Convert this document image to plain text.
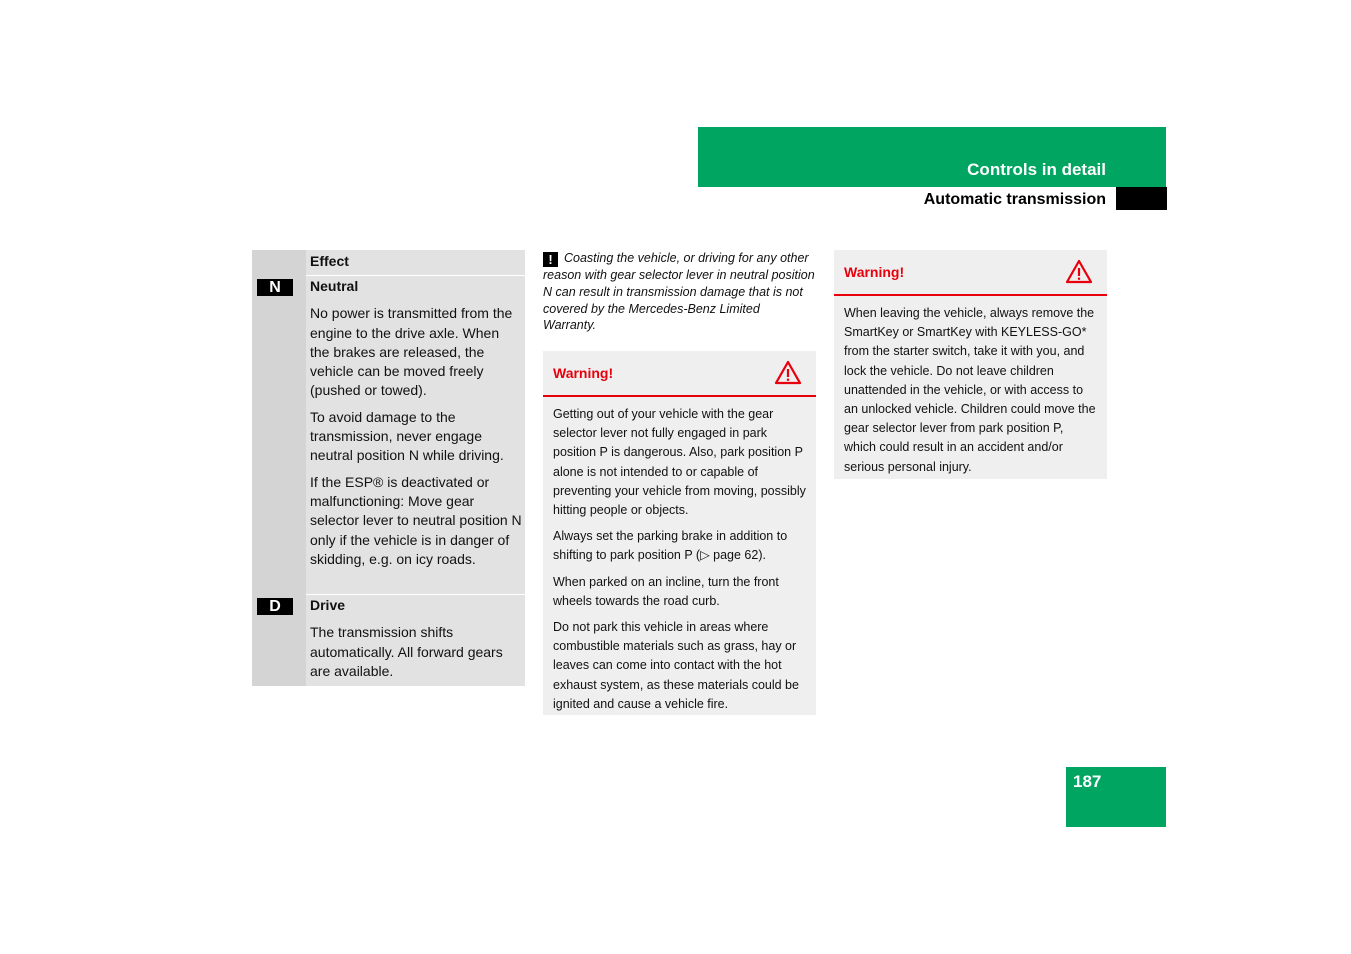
Controls in detail
Automatic transmission
Effect
N	Neutral

No power is transmitted from the engine to the drive axle. When the brakes are released, the vehicle can be moved freely (pushed or towed).

To avoid damage to the transmission, never engage neutral position N while driving.

If the ESP® is deactivated or malfunctioning: Move gear selector lever to neutral position N only if the vehicle is in danger of skidding, e.g. on icy roads.

D	Drive

The transmission shifts automatically. All forward gears are available.

! Coasting the vehicle, or driving for any other reason with gear selector lever in neutral position N can result in transmission damage that is not covered by the Mercedes-Benz Limited Warranty.
Warning!

Getting out of your vehicle with the gear selector lever not fully engaged in park position P is dangerous. Also, park position P alone is not intended to or capable of preventing your vehicle from moving, possibly hitting people or objects.

Always set the parking brake in addition to shifting to park position P (▷ page 62).

When parked on an incline, turn the front wheels towards the road curb.

Do not park this vehicle in areas where combustible materials such as grass, hay or leaves can come into contact with the hot exhaust system, as these materials could be ignited and cause a vehicle fire.

Warning!

When leaving the vehicle, always remove the SmartKey or SmartKey with KEYLESS-GO* from the starter switch, take it with you, and lock the vehicle. Do not leave children unattended in the vehicle, or with access to an unlocked vehicle. Children could move the gear selector lever from park position P, which could result in an accident and/or serious personal injury.

187
